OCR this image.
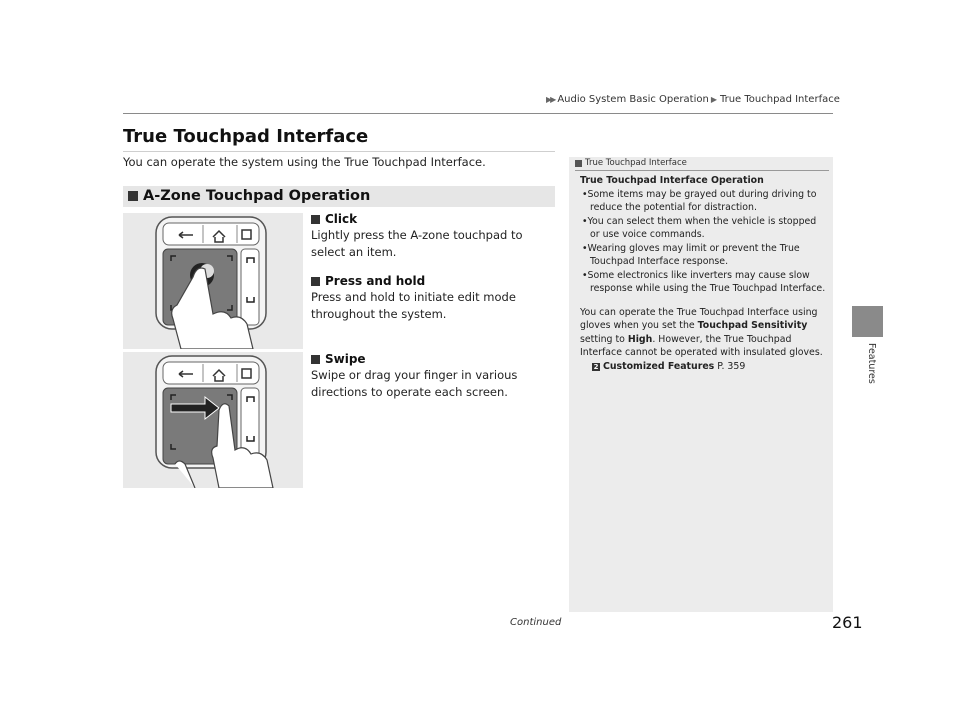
▶▶ Audio System Basic Operation ▶ True Touchpad Interface
True Touchpad Interface
You can operate the system using the True Touchpad Interface.
A-Zone Touchpad Operation
Click
Lightly press the A-zone touchpad to select an item.
Press and hold
Press and hold to initiate edit mode throughout the system.
Swipe
Swipe or drag your finger in various directions to operate each screen.
True Touchpad Interface
True Touchpad Interface Operation
•Some items may be grayed out during driving to reduce the potential for distraction.
•You can select them when the vehicle is stopped or use voice commands.
•Wearing gloves may limit or prevent the True Touchpad Interface response.
•Some electronics like inverters may cause slow response while using the True Touchpad Interface.
You can operate the True Touchpad Interface using gloves when you set the Touchpad Sensitivity setting to High. However, the True Touchpad Interface cannot be operated with insulated gloves.
2 Customized Features P. 359	Features
Continued	261
